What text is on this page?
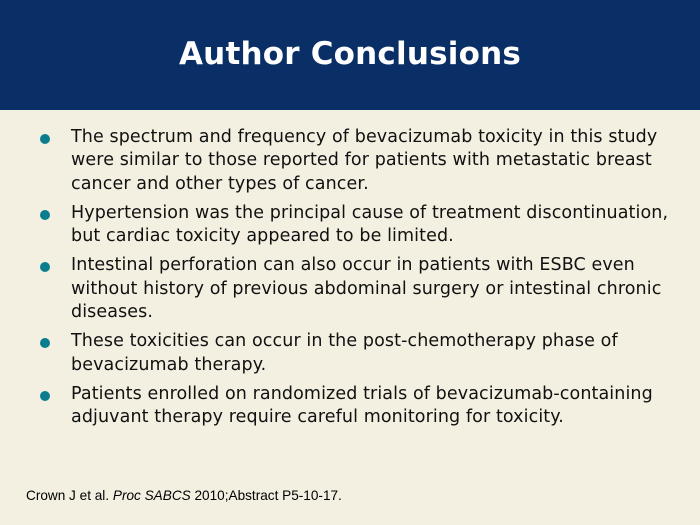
Author Conclusions
The spectrum and frequency of bevacizumab toxicity in this study were similar to those reported for patients with metastatic breast cancer and other types of cancer.
Hypertension was the principal cause of treatment discontinuation, but cardiac toxicity appeared to be limited.
Intestinal perforation can also occur in patients with ESBC even without history of previous abdominal surgery or intestinal chronic diseases.
These toxicities can occur in the post-chemotherapy phase of bevacizumab therapy.
Patients enrolled on randomized trials of bevacizumab-containing adjuvant therapy require careful monitoring for toxicity.
Crown J et al. Proc SABCS 2010;Abstract P5-10-17.
